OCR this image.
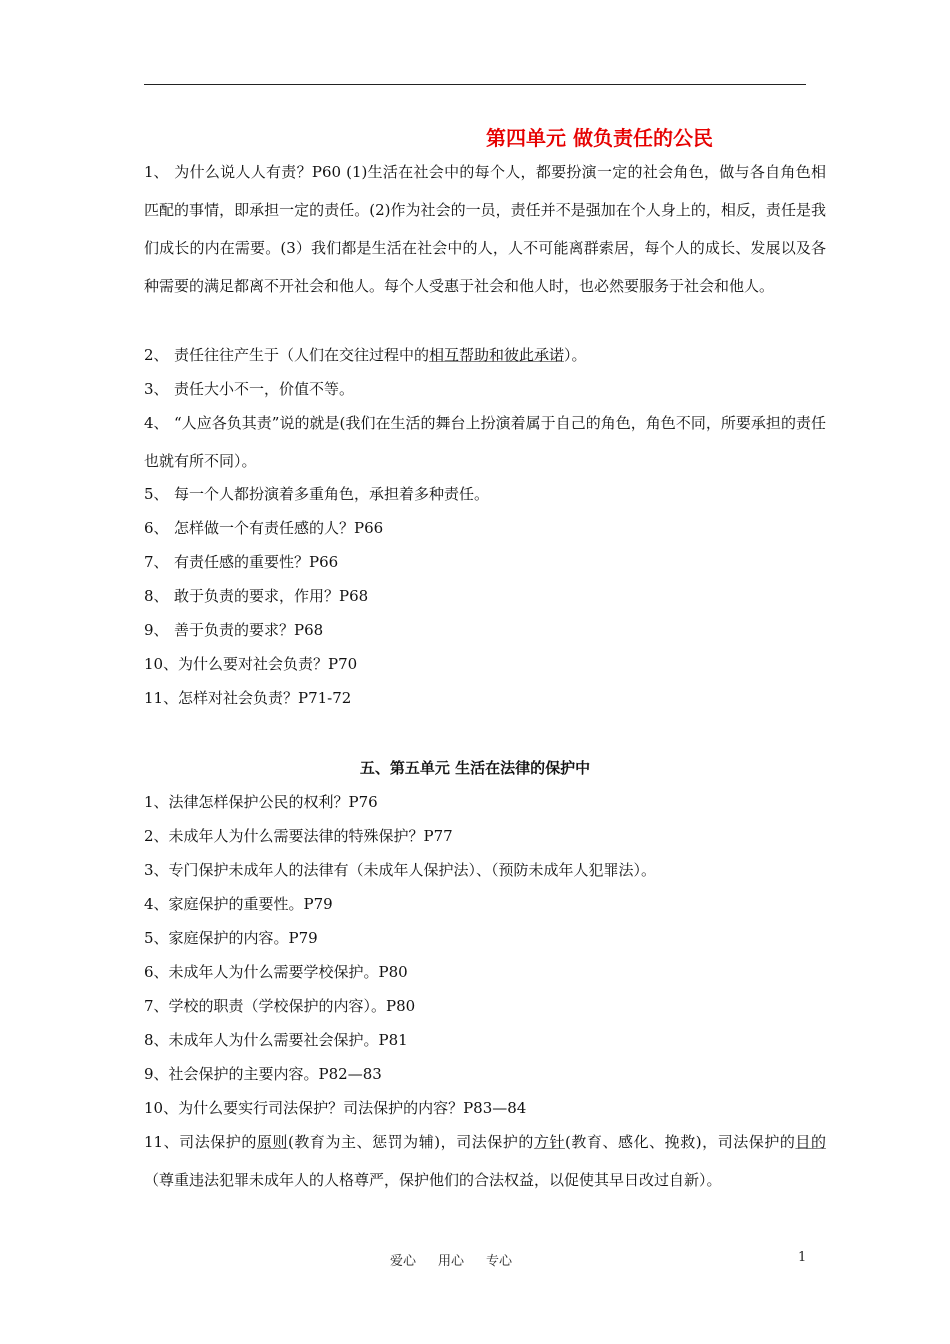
第四单元 做负责任的公民
1、 为什么说人人有责？P60 (1)生活在社会中的每个人，都要扮演一定的社会角色，做与各自角色相匹配的事情，即承担一定的责任。(2)作为社会的一员，责任并不是强加在个人身上的，相反，责任是我们成长的内在需要。(3）我们都是生活在社会中的人，人不可能离群索居，每个人的成长、发展以及各种需要的满足都离不开社会和他人。每个人受惠于社会和他人时，也必然要服务于社会和他人。
2、 责任往往产生于（人们在交往过程中的相互帮助和彼此承诺）。
3、 责任大小不一，价值不等。
4、 “人应各负其责”说的就是(我们在生活的舞台上扮演着属于自己的角色，角色不同，所要承担的责任也就有所不同）。
5、 每一个人都扮演着多重角色，承担着多种责任。
6、 怎样做一个有责任感的人？P66
7、 有责任感的重要性？P66
8、 敢于负责的要求，作用？P68
9、 善于负责的要求？P68
10、为什么要对社会负责？P70
11、怎样对社会负责？P71-72
五、第五单元 生活在法律的保护中
1、法律怎样保护公民的权利？P76
2、未成年人为什么需要法律的特殊保护？P77
3、专门保护未成年人的法律有（未成年人保护法）、（预防未成年人犯罪法）。
4、家庭保护的重要性。P79
5、家庭保护的内容。P79
6、未成年人为什么需要学校保护。P80
7、学校的职责（学校保护的内容）。P80
8、未成年人为什么需要社会保护。P81
9、社会保护的主要内容。P82—83
10、为什么要实行司法保护？司法保护的内容？P83—84
11、司法保护的原则(教育为主、惩罚为辅)，司法保护的方针(教育、感化、挽救)，司法保护的目的（尊重违法犯罪未成年人的人格尊严，保护他们的合法权益，以促使其早日改过自新）。
爱心 用心 专心	1
